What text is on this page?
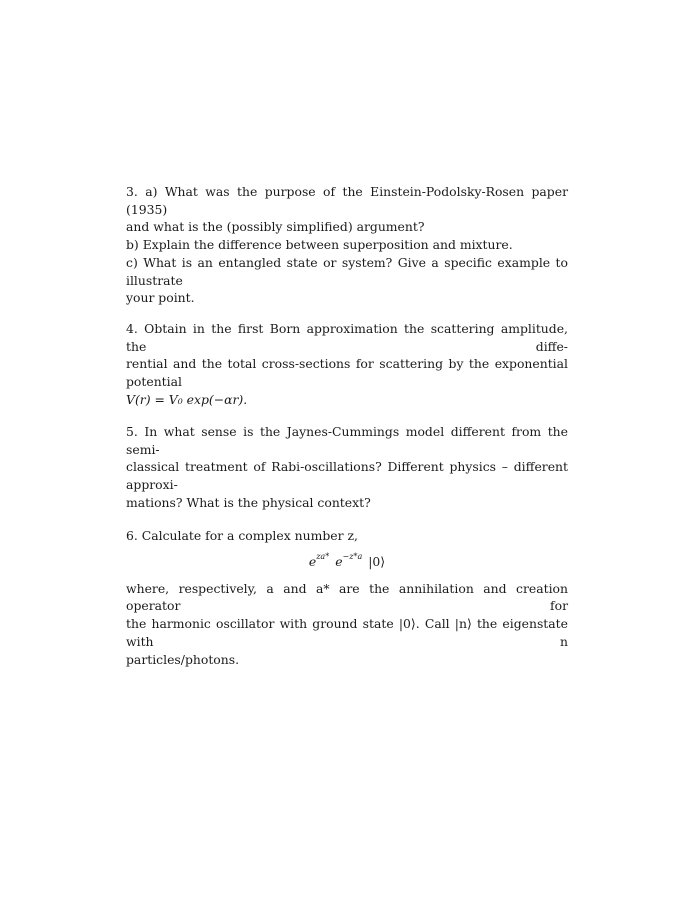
3. a) What was the purpose of the Einstein-Podolsky-Rosen paper (1935)
and what is the (possibly simplified) argument?
b) Explain the difference between superposition and mixture.
c) What is an entangled state or system? Give a specific example to illustrate
your point.
4. Obtain in the first Born approximation the scattering amplitude, the diffe-
rential and the total cross-sections for scattering by the exponential potential
V(r) = V₀ exp(−αr).
5. In what sense is the Jaynes-Cummings model different from the semi-
classical treatment of Rabi-oscillations? Different physics – different approxi-
mations? What is the physical context?
6. Calculate for a complex number z,
$e^{za*}$ $e^{-z*a}$ |0⟩
where, respectively, a and a* are the annihilation and creation operator for
the harmonic oscillator with ground state |0⟩. Call |n⟩ the eigenstate with n
particles/photons.
